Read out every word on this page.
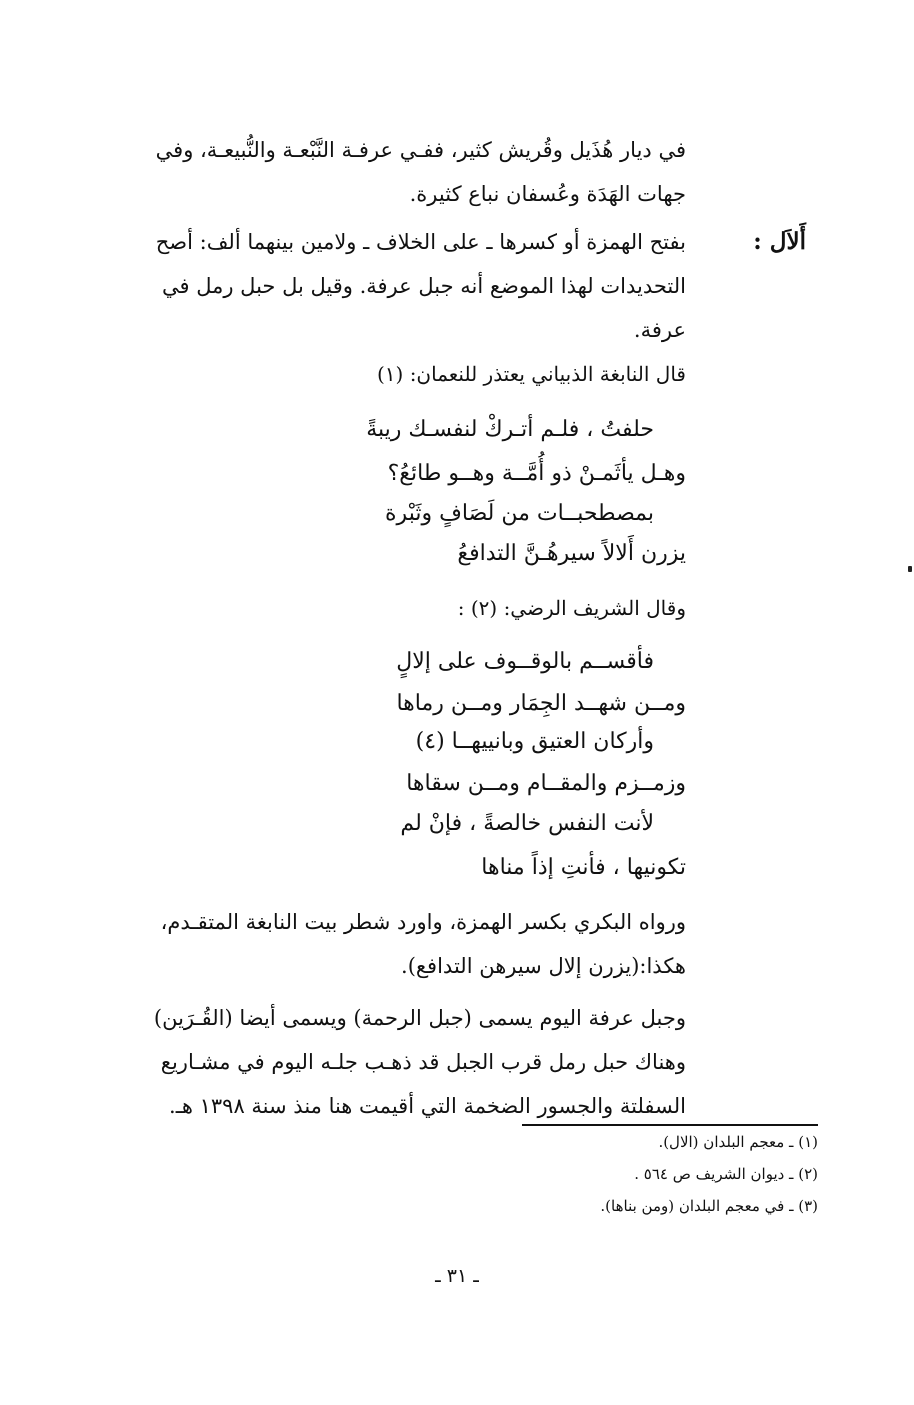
في ديار هُذَيل وقُريش كثير، ففـي عرفـة النَّبْعـة والنُّبيعـة، وفي جهات الهَدَة وعُسفان نباع كثيرة.
أَلاَل :
بفتح الهمزة أو كسرها ـ على الخلاف ـ ولامين بينهما ألف: أصح التحديدات لهذا الموضع أنه جبل عرفة. وقيل بل حبل رمل في عرفة.
قال النابغة الذبياني يعتذر للنعمان: (١)
حلفتُ ، فلـم أتـركْ لنفسـك ريبةً
وهـل يأثَمـنْ ذو أُمَّــة وهــو طائعُ؟
بمصطحبــات من لَصَافٍ وثَبْرة
يزرن أَلالاً سيرهُـنَّ التدافعُ
وقال الشريف الرضي: (٢) :
فأقســم بالوقــوف على إلالٍ
ومــن شهــد الجِمَار ومــن رماها
وأركان العتيق وبانييهــا (٤)
وزمــزم والمقــام ومــن سقاها
لأنت النفس خالصةً ، فإنْ لم
تكونيها ، فأنتِ إذاً مناها
ورواه البكري بكسر الهمزة، واورد شطر بيت النابغة المتقـدم، هكذا:(يزرن إلال سيرهن التدافع).
وجبل عرفة اليوم يسمى (جبل الرحمة) ويسمى أيضا (القُـرَين) وهناك حبل رمل قرب الجبل قد ذهـب جلـه اليوم في مشـاريع السفلتة والجسور الضخمة التي أقيمت هنا منذ سنة ١٣٩٨ هـ.
(١) ـ معجم البلدان (الال).
(٢) ـ ديوان الشريف ص ٥٦٤ .
(٣) ـ في معجم البلدان (ومن بناها).
ـ ٣١ ـ
